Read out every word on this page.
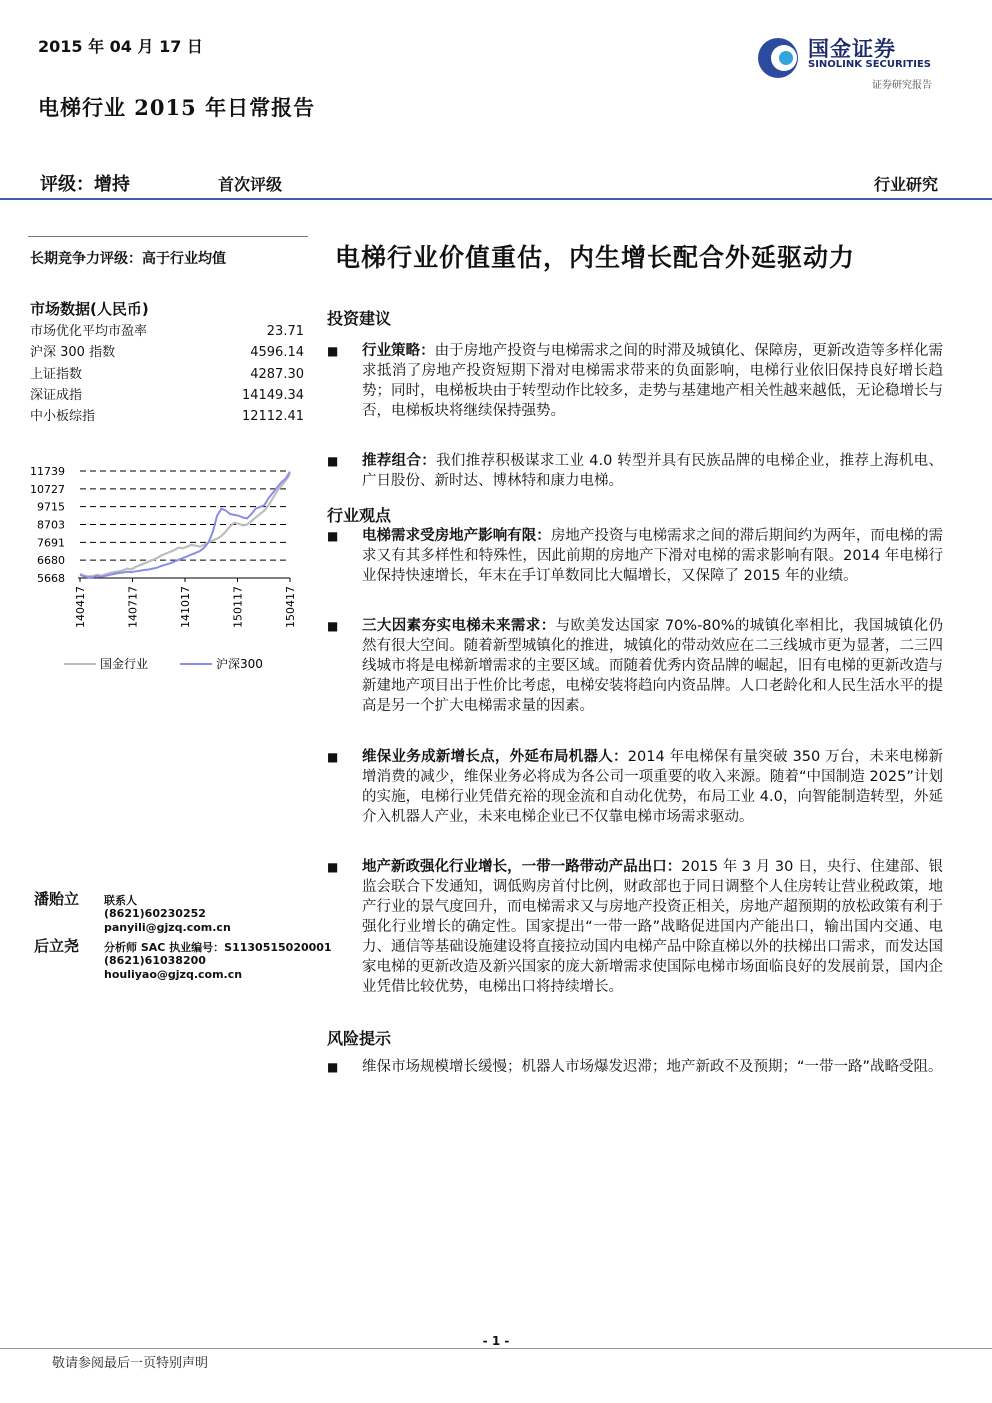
2015 年 04 月 17 日
电梯行业 2015 年日常报告
国金证券
SINOLINK SECURITIES
证券研究报告
评级：增持	首次评级	行业研究
长期竞争力评级：高于行业均值
市场数据(人民币)
市场优化平均市盈率	23.71
沪深 300 指数	4596.14
上证指数	4287.30
深证成指	14149.34
中小板综指	12112.41
11739
10727
9715
8703
7691
6680
5668
140417	140717	141017	150117	150417
国金行业	沪深300
潘贻立 联系人
(8621)60230252
panyili@gjzq.com.cn
后立尧 分析师 SAC 执业编号：S1130515020001
(8621)61038200
houliyao@gjzq.com.cn
电梯行业价值重估，内生增长配合外延驱动力
投资建议
■ 行业策略：由于房地产投资与电梯需求之间的时滞及城镇化、保障房，更新改造等多样化需求抵消了房地产投资短期下滑对电梯需求带来的负面影响，电梯行业依旧保持良好增长趋势；同时，电梯板块由于转型动作比较多，走势与基建地产相关性越来越低，无论稳增长与否，电梯板块将继续保持强势。
■ 推荐组合：我们推荐积极谋求工业 4.0 转型并具有民族品牌的电梯企业，推荐上海机电、广日股份、新时达、博林特和康力电梯。
行业观点
■ 电梯需求受房地产影响有限：房地产投资与电梯需求之间的滞后期间约为两年，而电梯的需求又有其多样性和特殊性，因此前期的房地产下滑对电梯的需求影响有限。2014 年电梯行业保持快速增长，年末在手订单数同比大幅增长，又保障了 2015 年的业绩。
■ 三大因素夯实电梯未来需求：与欧美发达国家 70%-80%的城镇化率相比，我国城镇化仍然有很大空间。随着新型城镇化的推进，城镇化的带动效应在二三线城市更为显著，二三四线城市将是电梯新增需求的主要区域。而随着优秀内资品牌的崛起，旧有电梯的更新改造与新建地产项目出于性价比考虑，电梯安装将趋向内资品牌。人口老龄化和人民生活水平的提高是另一个扩大电梯需求量的因素。
■ 维保业务成新增长点，外延布局机器人：2014 年电梯保有量突破 350 万台，未来电梯新增消费的减少，维保业务必将成为各公司一项重要的收入来源。随着“中国制造 2025”计划的实施，电梯行业凭借充裕的现金流和自动化优势，布局工业 4.0，向智能制造转型，外延介入机器人产业，未来电梯企业已不仅靠电梯市场需求驱动。
■ 地产新政强化行业增长，一带一路带动产品出口：2015 年 3 月 30 日，央行、住建部、银监会联合下发通知，调低购房首付比例，财政部也于同日调整个人住房转让营业税政策，地产行业的景气度回升，而电梯需求又与房地产投资正相关，房地产超预期的放松政策有利于强化行业增长的确定性。国家提出“一带一路”战略促进国内产能出口，输出国内交通、电力、通信等基础设施建设将直接拉动国内电梯产品中除直梯以外的扶梯出口需求，而发达国家电梯的更新改造及新兴国家的庞大新增需求使国际电梯市场面临良好的发展前景，国内企业凭借比较优势，电梯出口将持续增长。
风险提示
■ 维保市场规模增长缓慢；机器人市场爆发迟滞；地产新政不及预期；“一带一路”战略受阻。
- 1 -
敬请参阅最后一页特别声明
